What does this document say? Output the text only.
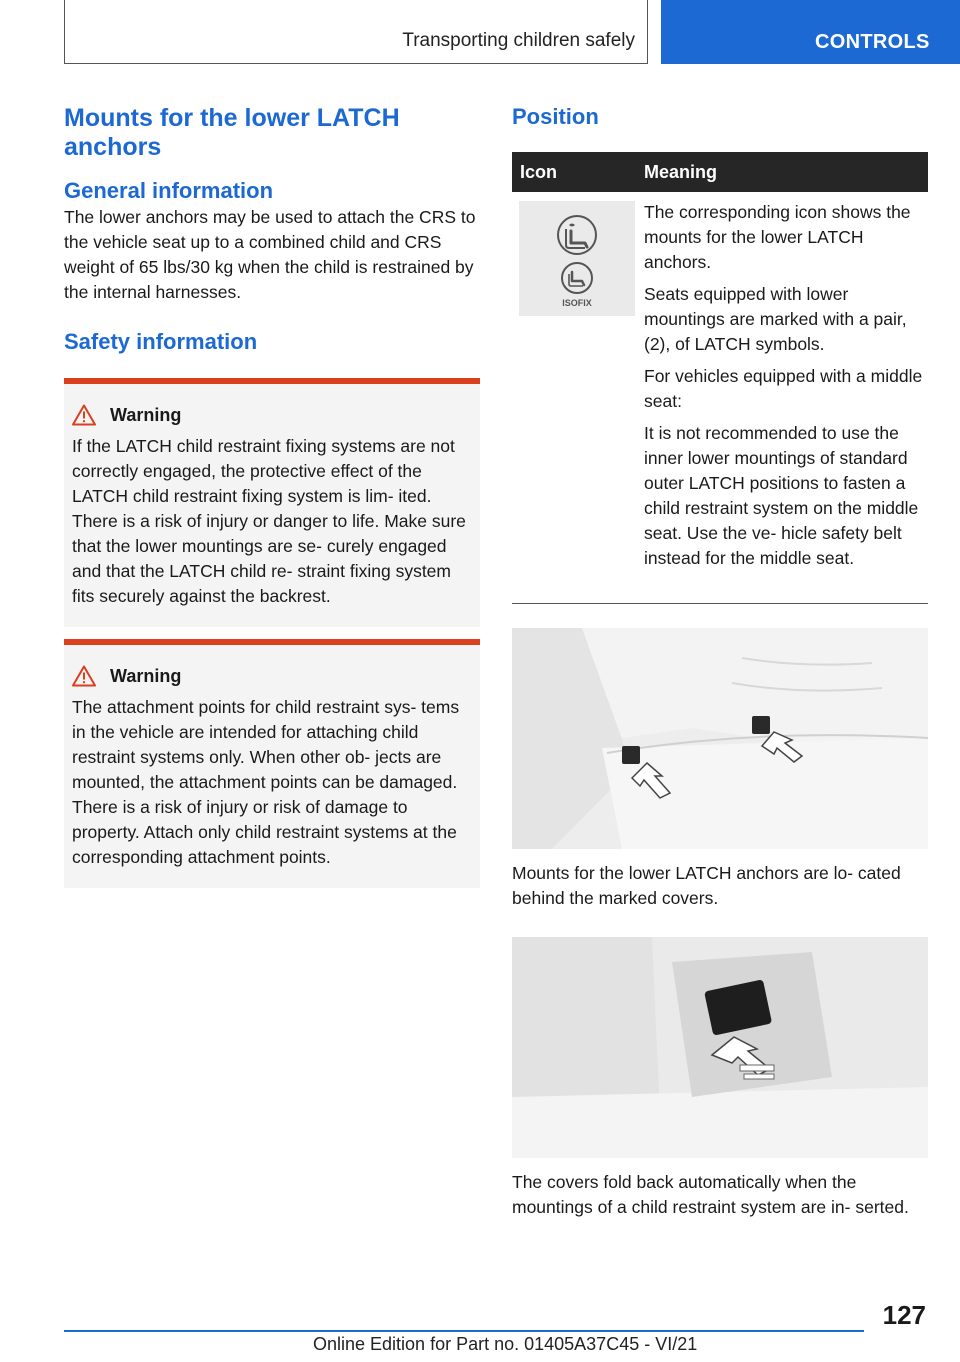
Transporting children safely	CONTROLS
Mounts for the lower LATCH anchors
General information

The lower anchors may be used to attach the CRS to the vehicle seat up to a combined child and CRS weight of 65 lbs/30 kg when the child is restrained by the internal harnesses.

Safety information
Warning

If the LATCH child restraint fixing systems are not correctly engaged, the protective effect of the LATCH child restraint fixing system is lim‐ ited. There is a risk of injury or danger to life. Make sure that the lower mountings are se‐ curely engaged and that the LATCH child re‐ straint fixing system fits securely against the backrest.

Warning

The attachment points for child restraint sys‐ tems in the vehicle are intended for attaching child restraint systems only. When other ob‐ jects are mounted, the attachment points can be damaged. There is a risk of injury or risk of damage to property. Attach only child restraint systems at the corresponding attachment points.

Position
Icon	Meaning
ISOFIX

The corresponding icon shows the mounts for the lower LATCH anchors.

Seats equipped with lower mountings are marked with a pair, (2), of LATCH symbols.

For vehicles equipped with a middle seat:

It is not recommended to use the inner lower mountings of standard outer LATCH positions to fasten a child restraint system on the middle seat. Use the ve‐ hicle safety belt instead for the middle seat.

Mounts for the lower LATCH anchors are lo‐ cated behind the marked covers.

The covers fold back automatically when the mountings of a child restraint system are in‐ serted.

127
Online Edition for Part no. 01405A37C45 - VI/21
